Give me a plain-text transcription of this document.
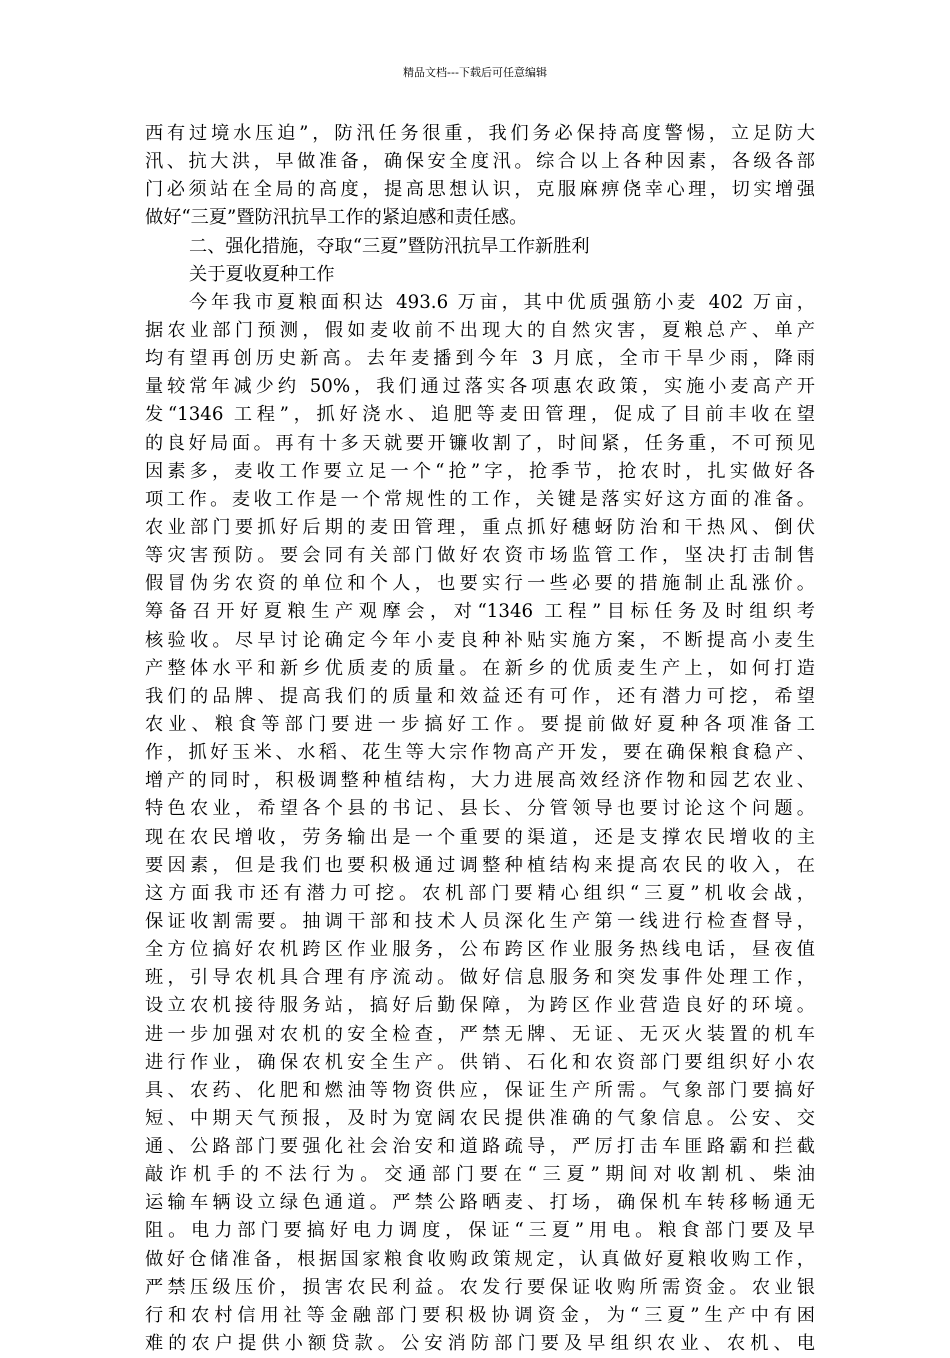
精品文档---下载后可任意编辑
西有过境水压迫”，防汛任务很重，我们务必保持高度警惕，立足防大
汛、抗大洪，早做准备，确保安全度汛。综合以上各种因素，各级各部
门必须站在全局的高度，提高思想认识，克服麻痹侥幸心理，切实增强
做好“三夏”暨防汛抗旱工作的紧迫感和责任感。
二、强化措施，夺取“三夏”暨防汛抗旱工作新胜利
关于夏收夏种工作
今年我市夏粮面积达 493.6 万亩，其中优质强筋小麦 402 万亩，
据农业部门预测，假如麦收前不出现大的自然灾害，夏粮总产、单产
均有望再创历史新高。去年麦播到今年 3 月底，全市干旱少雨，降雨
量较常年减少约 50%，我们通过落实各项惠农政策，实施小麦高产开
发“1346 工程”，抓好浇水、追肥等麦田管理，促成了目前丰收在望
的良好局面。再有十多天就要开镰收割了，时间紧，任务重，不可预见
因素多，麦收工作要立足一个“抢”字，抢季节，抢农时，扎实做好各
项工作。麦收工作是一个常规性的工作，关键是落实好这方面的准备。
农业部门要抓好后期的麦田管理，重点抓好穗蚜防治和干热风、倒伏
等灾害预防。要会同有关部门做好农资市场监管工作，坚决打击制售
假冒伪劣农资的单位和个人，也要实行一些必要的措施制止乱涨价。
筹备召开好夏粮生产观摩会，对“1346 工程”目标任务及时组织考
核验收。尽早讨论确定今年小麦良种补贴实施方案，不断提高小麦生
产整体水平和新乡优质麦的质量。在新乡的优质麦生产上，如何打造
我们的品牌、提高我们的质量和效益还有可作，还有潜力可挖，希望
农业、粮食等部门要进一步搞好工作。要提前做好夏种各项准备工
作，抓好玉米、水稻、花生等大宗作物高产开发，要在确保粮食稳产、
增产的同时，积极调整种植结构，大力进展高效经济作物和园艺农业、
特色农业，希望各个县的书记、县长、分管领导也要讨论这个问题。
现在农民增收，劳务输出是一个重要的渠道，还是支撑农民增收的主
要因素，但是我们也要积极通过调整种植结构来提高农民的收入，在
这方面我市还有潜力可挖。农机部门要精心组织“三夏”机收会战，
保证收割需要。抽调干部和技术人员深化生产第一线进行检查督导，
全方位搞好农机跨区作业服务，公布跨区作业服务热线电话，昼夜值
班，引导农机具合理有序流动。做好信息服务和突发事件处理工作，
设立农机接待服务站，搞好后勤保障，为跨区作业营造良好的环境。
进一步加强对农机的安全检查，严禁无牌、无证、无灭火装置的机车
进行作业，确保农机安全生产。供销、石化和农资部门要组织好小农
具、农药、化肥和燃油等物资供应，保证生产所需。气象部门要搞好
短、中期天气预报，及时为宽阔农民提供准确的气象信息。公安、交
通、公路部门要强化社会治安和道路疏导，严厉打击车匪路霸和拦截
敲诈机手的不法行为。交通部门要在“三夏”期间对收割机、柴油
运输车辆设立绿色通道。严禁公路晒麦、打场，确保机车转移畅通无
阻。电力部门要搞好电力调度，保证“三夏”用电。粮食部门要及早
做好仓储准备，根据国家粮食收购政策规定，认真做好夏粮收购工作，
严禁压级压价，损害农民利益。农发行要保证收购所需资金。农业银
行和农村信用社等金融部门要积极协调资金，为“三夏”生产中有困
难的农户提供小额贷款。公安消防部门要及早组织农业、农机、电
